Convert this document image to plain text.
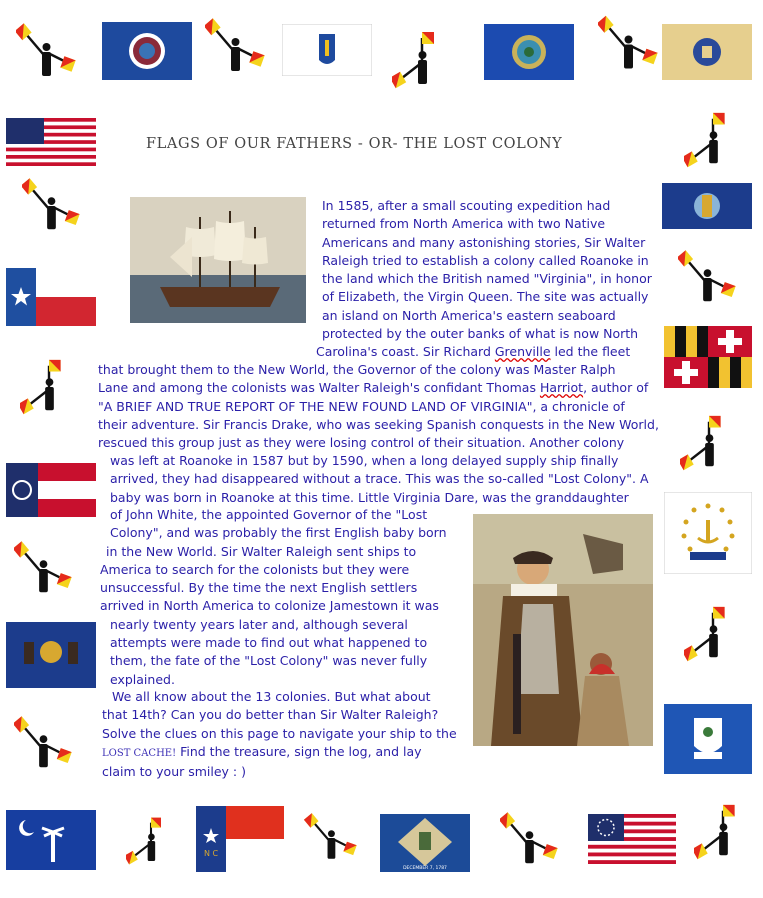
FLAGS OF OUR FATHERS - OR- THE LOST COLONY
N C
DECEMBER 7, 1787
In 1585, after a small scouting expedition had
returned from North America with two Native
Americans and many astonishing stories, Sir Walter
Raleigh tried to establish a colony called Roanoke in
the land which the British named "Virginia", in honor
of Elizabeth, the Virgin Queen. The site was actually
an island on North America's eastern seaboard
protected by the outer banks of what is now North
Carolina's coast. Sir Richard Grenville led the fleet
that brought them to the New World, the Governor of the colony was Master Ralph
Lane and among the colonists was Walter Raleigh's confidant Thomas Harriot, author of
"A BRIEF AND TRUE REPORT OF THE NEW FOUND LAND OF VIRGINIA", a chronicle of
their adventure. Sir Francis Drake, who was seeking Spanish conquests in the New World,
rescued this group just as they were losing control of their situation. Another colony
was left at Roanoke in 1587 but by 1590, when a long delayed supply ship finally
arrived, they had disappeared without a trace. This was the so-called "Lost Colony". A
baby was born in Roanoke at this time. Little Virginia Dare, was the granddaughter
of John White, the appointed Governor of the "Lost
Colony", and was probably the first English baby born
in the New World. Sir Walter Raleigh sent ships to
America to search for the colonists but they were
unsuccessful. By the time the next English settlers
arrived in North America to colonize Jamestown it was
nearly twenty years later and, although several
attempts were made to find out what happened to
them, the fate of the "Lost Colony" was never fully
explained.
We all know about the 13 colonies. But what about
that 14th? Can you do better than Sir Walter Raleigh?
Solve the clues on this page to navigate your ship to the
LOST CACHE! Find the treasure, sign the log, and lay
claim to your smiley : )
